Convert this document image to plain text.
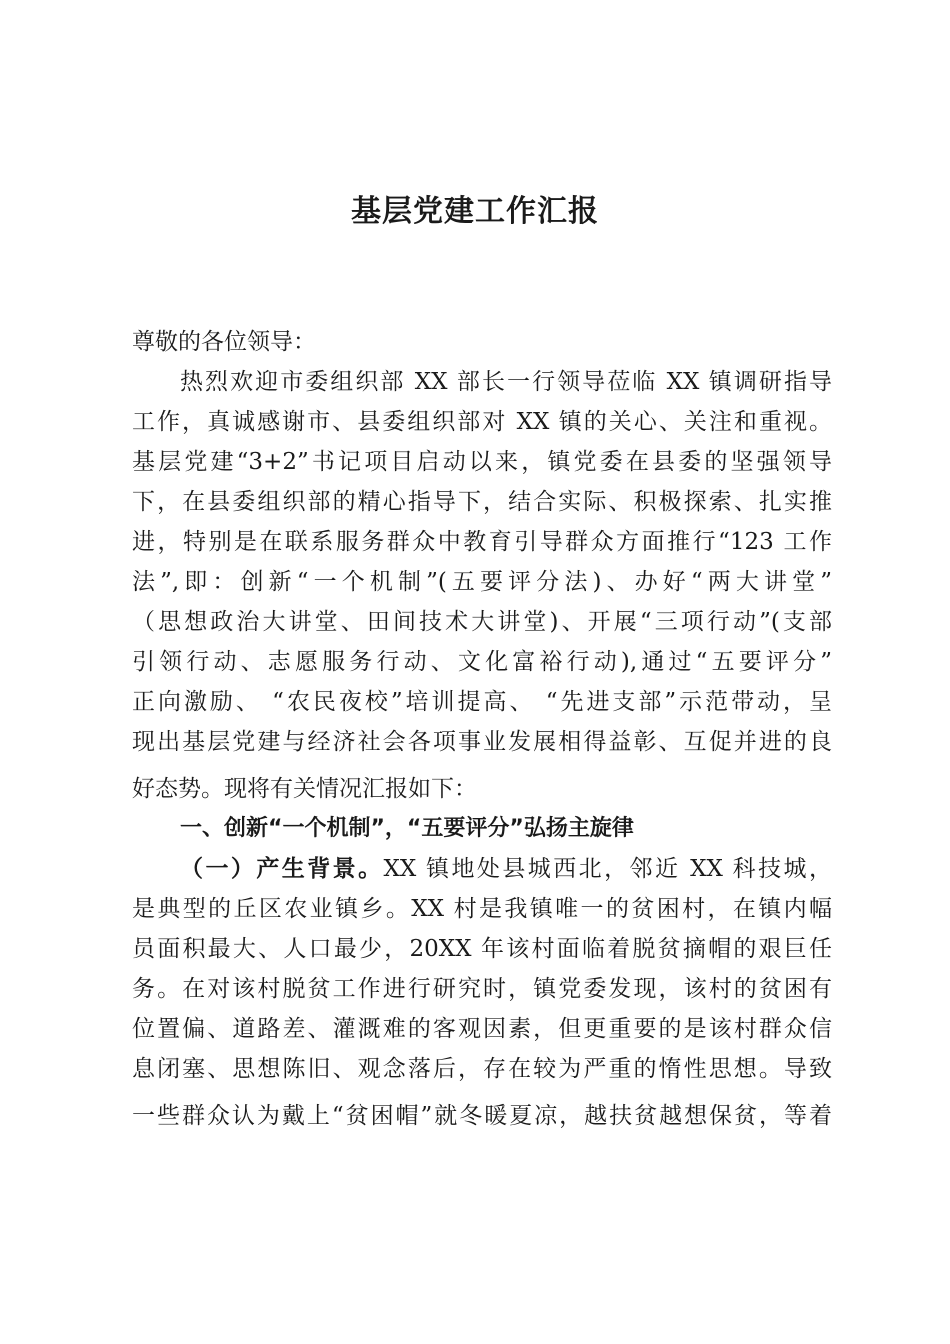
基层党建工作汇报
尊敬的各位领导：
热烈欢迎市委组织部 XX 部长一行领导莅临 XX 镇调研指导
工作，真诚感谢市、县委组织部对 XX 镇的关心、关注和重视。
基层党建“3+2”书记项目启动以来，镇党委在县委的坚强领导
下，在县委组织部的精心指导下，结合实际、积极探索、扎实推
进，特别是在联系服务群众中教育引导群众方面推行“123 工作
法”,即：创新“一个机制”(五要评分法)、办好“两大讲堂”
（思想政治大讲堂、田间技术大讲堂)、开展“三项行动”(支部
引领行动、志愿服务行动、文化富裕行动),通过“五要评分”
正向激励、 “农民夜校”培训提高、 “先进支部”示范带动，呈
现出基层党建与经济社会各项事业发展相得益彰、互促并进的良
好态势。现将有关情况汇报如下：
一、创新“一个机制”，“五要评分”弘扬主旋律
（一）产生背景。XX 镇地处县城西北，邻近 XX 科技城，
是典型的丘区农业镇乡。XX 村是我镇唯一的贫困村，在镇内幅
员面积最大、人口最少，20XX 年该村面临着脱贫摘帽的艰巨任
务。在对该村脱贫工作进行研究时，镇党委发现，该村的贫困有
位置偏、道路差、灌溉难的客观因素，但更重要的是该村群众信
息闭塞、思想陈旧、观念落后，存在较为严重的惰性思想。导致
一些群众认为戴上“贫困帽”就冬暖夏凉，越扶贫越想保贫，等着
